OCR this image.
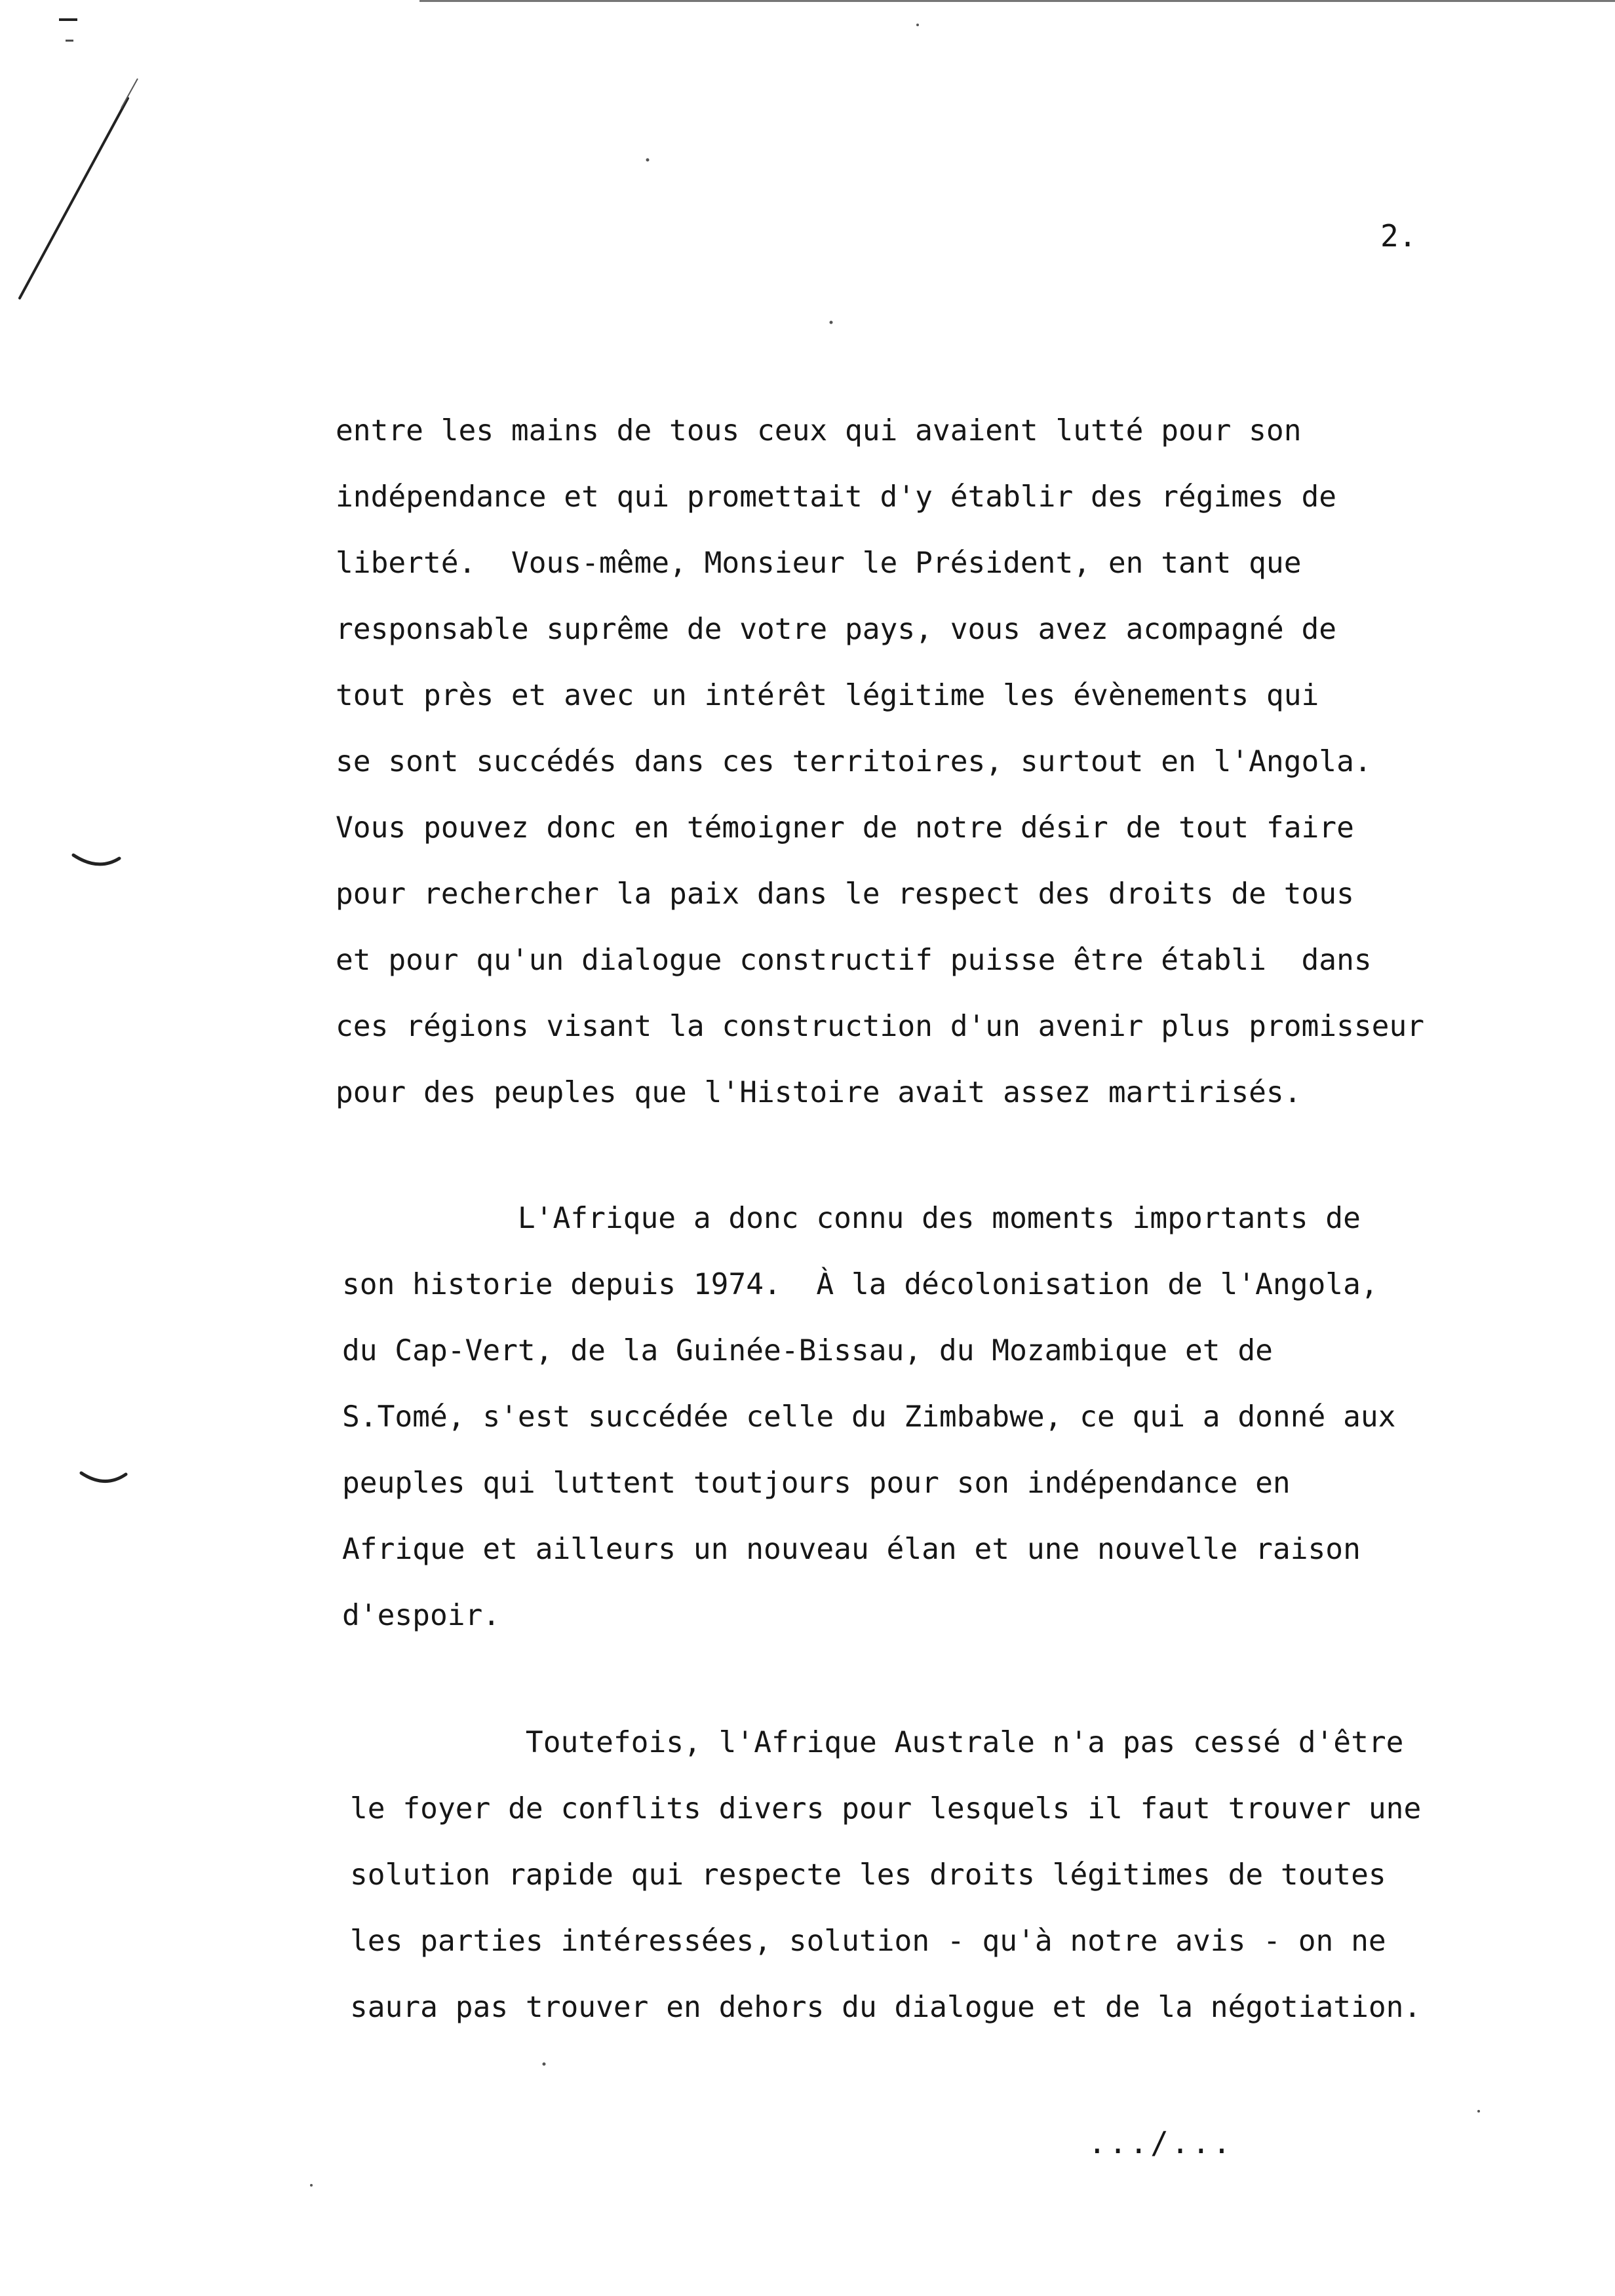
2.
entre les mains de tous ceux qui avaient lutté pour son
indépendance et qui promettait d'y établir des régimes de
liberté.  Vous-même, Monsieur le Président, en tant que
responsable suprême de votre pays, vous avez acompagné de
tout près et avec un intérêt légitime les évènements qui
se sont succédés dans ces territoires, surtout en l'Angola.
Vous pouvez donc en témoigner de notre désir de tout faire
pour rechercher la paix dans le respect des droits de tous
et pour qu'un dialogue constructif puisse être établi  dans
ces régions visant la construction d'un avenir plus promisseur
pour des peuples que l'Histoire avait assez martirisés.
L'Afrique a donc connu des moments importants de
son historie depuis 1974.  À la décolonisation de l'Angola,
du Cap-Vert, de la Guinée-Bissau, du Mozambique et de
S.Tomé, s'est succédée celle du Zimbabwe, ce qui a donné aux
peuples qui luttent toutjours pour son indépendance en
Afrique et ailleurs un nouveau élan et une nouvelle raison
d'espoir.
Toutefois, l'Afrique Australe n'a pas cessé d'être
le foyer de conflits divers pour lesquels il faut trouver une
solution rapide qui respecte les droits légitimes de toutes
les parties intéressées, solution - qu'à notre avis - on ne
saura pas trouver en dehors du dialogue et de la négotiation.
.../...
